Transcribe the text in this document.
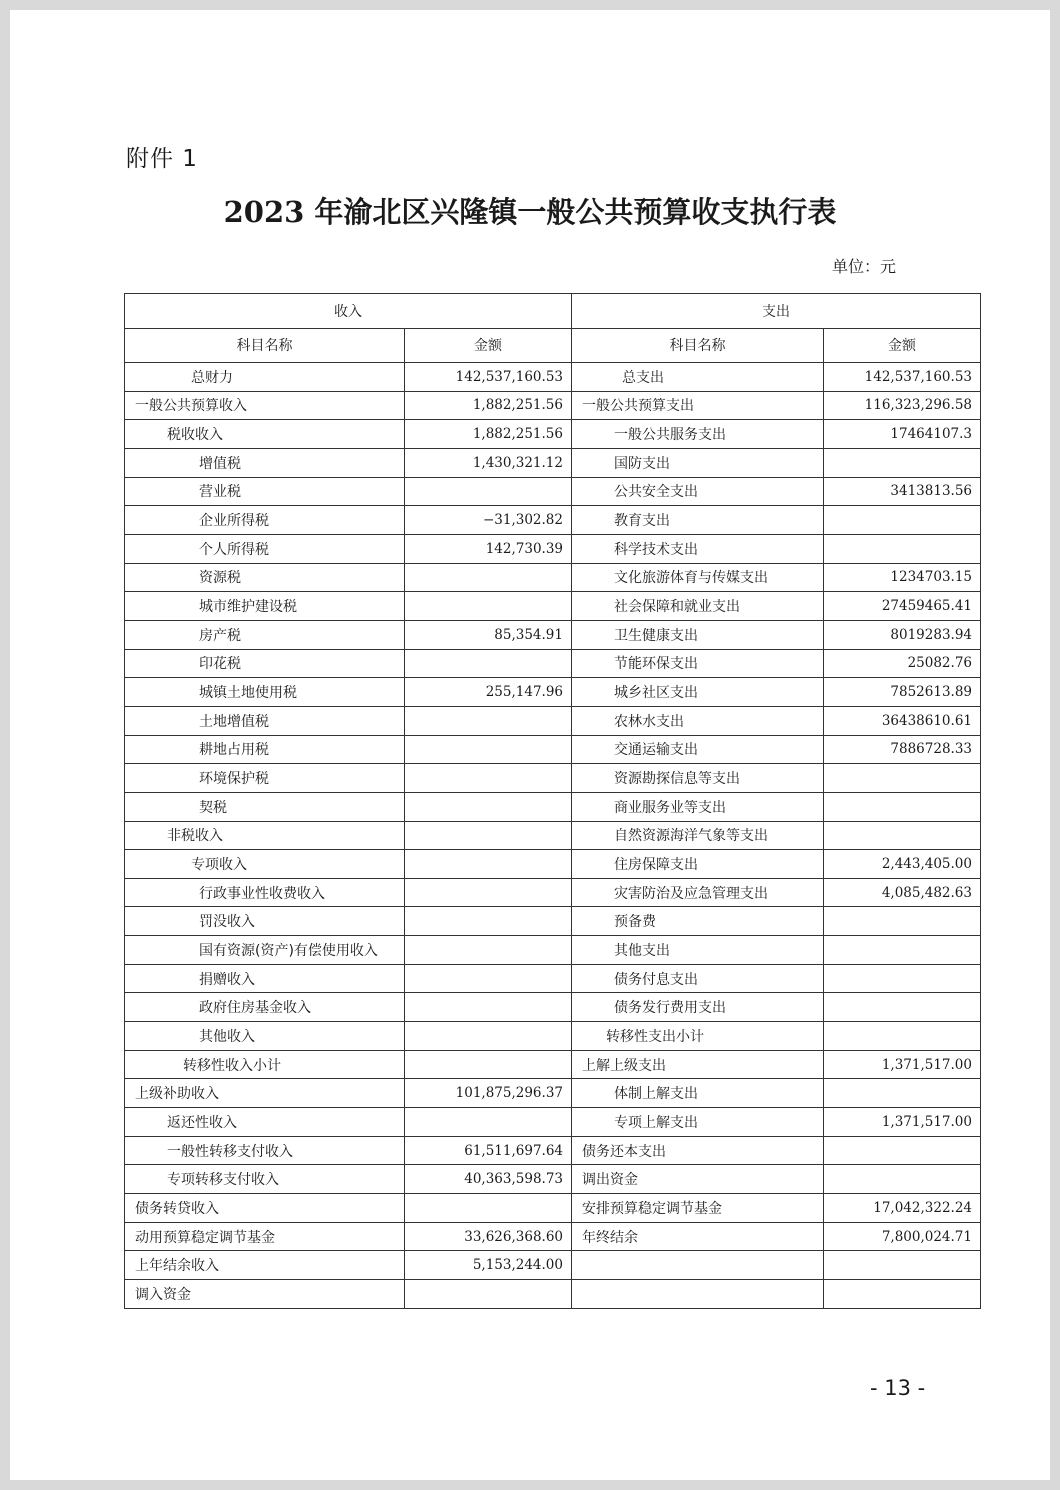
附件 1
2023 年渝北区兴隆镇一般公共预算收支执行表
单位：元
收入		支出	
科目名称	金额	科目名称	金额
总财力	142,537,160.53	总支出	142,537,160.53
一般公共预算收入	1,882,251.56	一般公共预算支出	116,323,296.58
税收收入	1,882,251.56	一般公共服务支出	17464107.3
增值税	1,430,321.12	国防支出	
营业税		公共安全支出	3413813.56
企业所得税	−31,302.82	教育支出	
个人所得税	142,730.39	科学技术支出	
资源税		文化旅游体育与传媒支出	1234703.15
城市维护建设税		社会保障和就业支出	27459465.41
房产税	85,354.91	卫生健康支出	8019283.94
印花税		节能环保支出	25082.76
城镇土地使用税	255,147.96	城乡社区支出	7852613.89
土地增值税		农林水支出	36438610.61
耕地占用税		交通运输支出	7886728.33
环境保护税		资源勘探信息等支出	
契税		商业服务业等支出	
非税收入		自然资源海洋气象等支出	
专项收入		住房保障支出	2,443,405.00
行政事业性收费收入		灾害防治及应急管理支出	4,085,482.63
罚没收入		预备费	
国有资源(资产)有偿使用收入		其他支出	
捐赠收入		债务付息支出	
政府住房基金收入		债务发行费用支出	
其他收入		转移性支出小计	
转移性收入小计		上解上级支出	1,371,517.00
上级补助收入	101,875,296.37	体制上解支出	
返还性收入		专项上解支出	1,371,517.00
一般性转移支付收入	61,511,697.64	债务还本支出	
专项转移支付收入	40,363,598.73	调出资金	
债务转贷收入		安排预算稳定调节基金	17,042,322.24
动用预算稳定调节基金	33,626,368.60	年终结余	7,800,024.71
上年结余收入	5,153,244.00		
调入资金			
- 13 -
